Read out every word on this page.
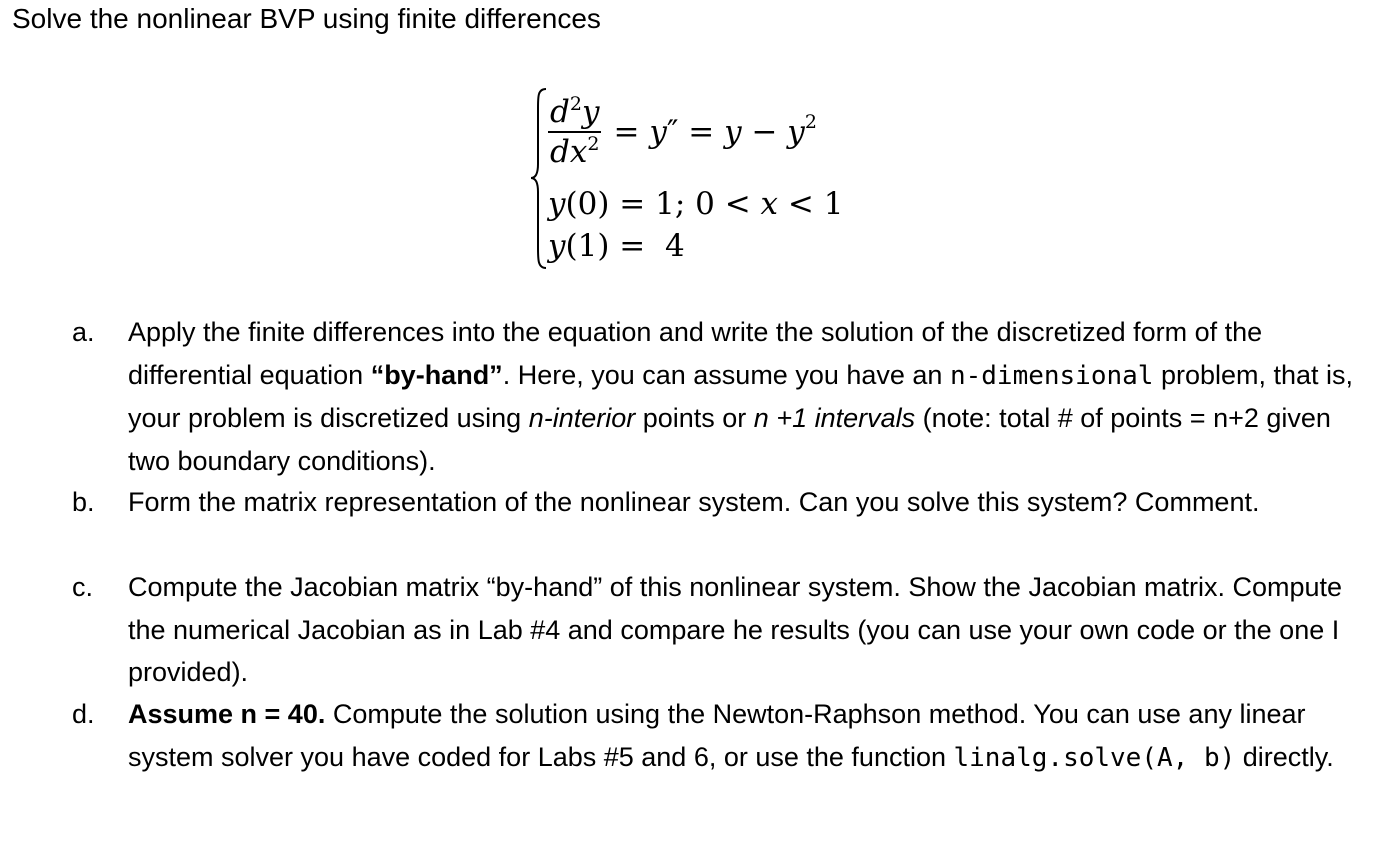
Solve the nonlinear BVP using finite differences
$\frac{d^2y}{dx^2} = y'' = y - y^2$
y(0) = 1; 0 < x < 1
y(1) =  4
a. Apply the finite differences into the equation and write the solution of the discretized form of the differential equation “by-hand”. Here, you can assume you have an n-dimensional problem, that is, your problem is discretized using n-interior points or n +1 intervals (note: total # of points = n+2 given two boundary conditions).
b. Form the matrix representation of the nonlinear system. Can you solve this system? Comment.
c. Compute the Jacobian matrix “by-hand” of this nonlinear system. Show the Jacobian matrix. Compute the numerical Jacobian as in Lab #4 and compare he results (you can use your own code or the one I provided).
d. Assume n = 40. Compute the solution using the Newton-Raphson method. You can use any linear system solver you have coded for Labs #5 and 6, or use the function linalg.solve(A, b) directly.
